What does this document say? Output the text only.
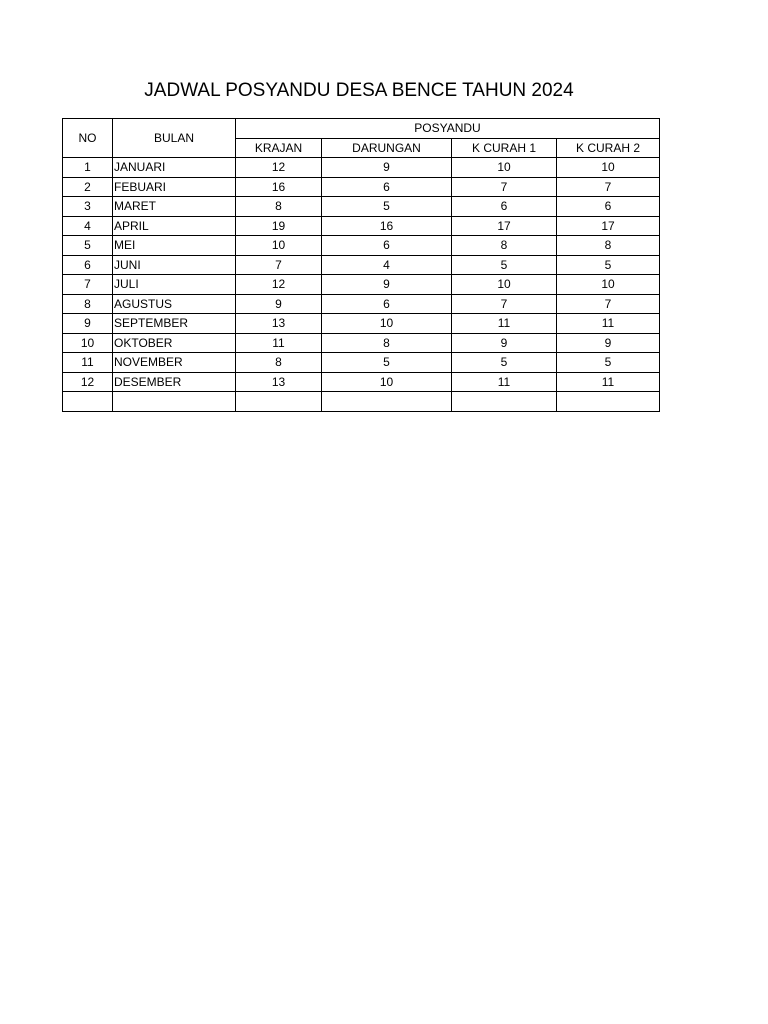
JADWAL POSYANDU DESA BENCE TAHUN 2024
NO	BULAN	POSYANDU			
		KRAJAN	DARUNGAN	K CURAH 1	K CURAH 2
1	JANUARI	12	9	10	10
2	FEBUARI	16	6	7	7
3	MARET	8	5	6	6
4	APRIL	19	16	17	17
5	MEI	10	6	8	8
6	JUNI	7	4	5	5
7	JULI	12	9	10	10
8	AGUSTUS	9	6	7	7
9	SEPTEMBER	13	10	11	11
10	OKTOBER	11	8	9	9
11	NOVEMBER	8	5	5	5
12	DESEMBER	13	10	11	11
